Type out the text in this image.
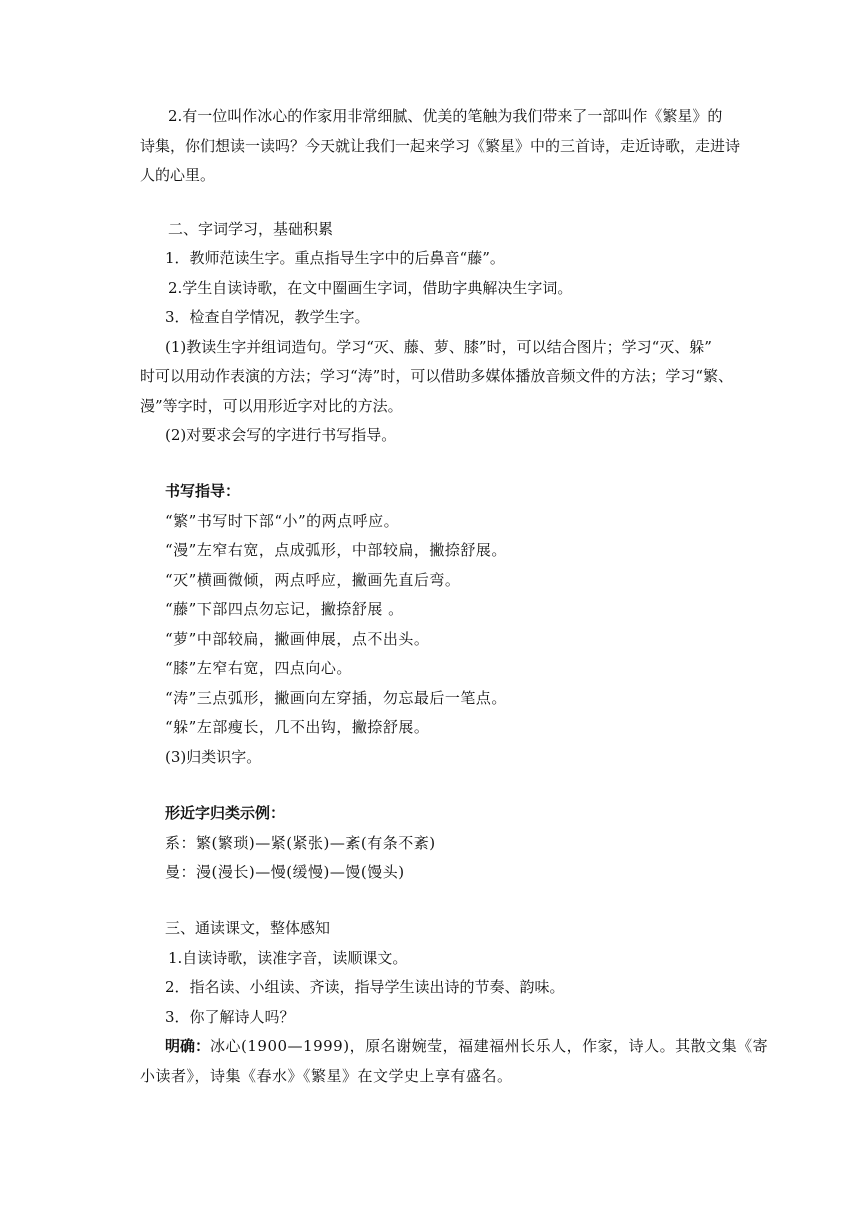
2.有一位叫作冰心的作家用非常细腻、优美的笔触为我们带来了一部叫作《繁星》的
诗集，你们想读一读吗？今天就让我们一起来学习《繁星》中的三首诗，走近诗歌，走进诗
人的心里。
二、字词学习，基础积累
1．教师范读生字。重点指导生字中的后鼻音“藤”。
2.学生自读诗歌，在文中圈画生字词，借助字典解决生字词。
3．检查自学情况，教学生字。
(1)教读生字并组词造句。学习“灭、藤、萝、膝”时，可以结合图片；学习“灭、躲”
时可以用动作表演的方法；学习“涛”时，可以借助多媒体播放音频文件的方法；学习“繁、
漫”等字时，可以用形近字对比的方法。
(2)对要求会写的字进行书写指导。
书写指导：
“繁”书写时下部“小”的两点呼应。
“漫”左窄右宽，点成弧形，中部较扁，撇捺舒展。
“灭”横画微倾，两点呼应，撇画先直后弯。
“藤”下部四点勿忘记，撇捺舒展 。
“萝”中部较扁，撇画伸展，点不出头。
“膝”左窄右宽，四点向心。
“涛”三点弧形，撇画向左穿插，勿忘最后一笔点。
“躲”左部瘦长，几不出钩，撇捺舒展。
(3)归类识字。
形近字归类示例：
系：繁(繁琐)—紧(紧张)—紊(有条不紊)
曼：漫(漫长)—慢(缓慢)—馒(馒头)
三、通读课文，整体感知
1.自读诗歌，读准字音，读顺课文。
2．指名读、小组读、齐读，指导学生读出诗的节奏、韵味。
3．你了解诗人吗？
明确：冰心(1900—1999)，原名谢婉莹，福建福州长乐人，作家，诗人。其散文集《寄
小读者》，诗集《春水》《繁星》在文学史上享有盛名。
